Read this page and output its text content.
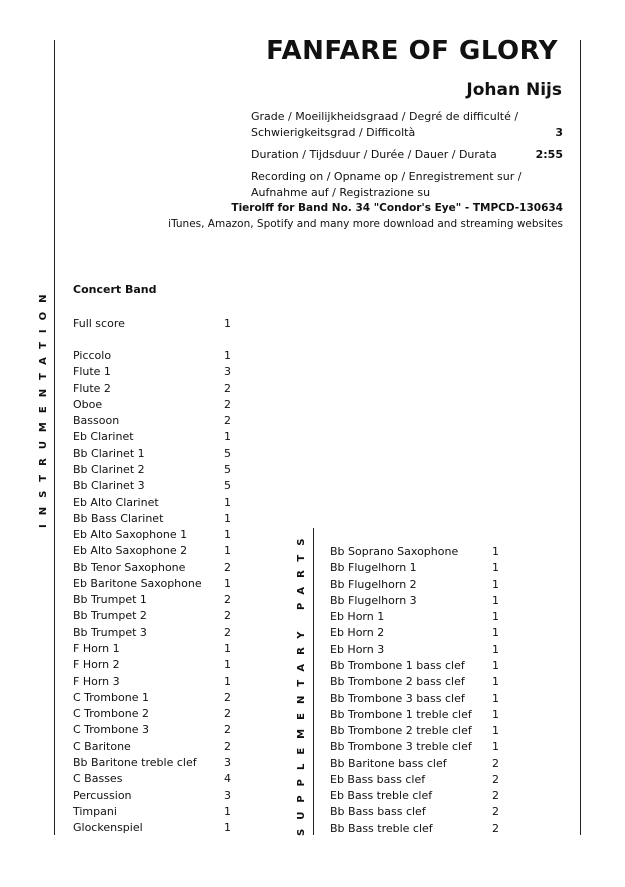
FANFARE OF GLORY
Johan Nijs
Grade / Moeilijkheidsgraad / Degré de difficulté /
Schwierigkeitsgrad / Difficoltà	3
Duration / Tijdsduur / Durée / Dauer / Durata	2:55
Recording on / Opname op / Enregistrement sur /
Aufnahme auf / Registrazione su
Tierolff for Band No. 34 "Condor's Eye" - TMPCD-130634
iTunes, Amazon, Spotify and many more download and streaming websites
INSTRUMENTATION
SUPPLEMENTARY PARTS
Concert Band
Full score	1
Piccolo	1
Flute 1	3
Flute 2	2
Oboe	2
Bassoon	2
Eb Clarinet	1
Bb Clarinet 1	5
Bb Clarinet 2	5
Bb Clarinet 3	5
Eb Alto Clarinet	1
Bb Bass Clarinet	1
Eb Alto Saxophone 1	1
Eb Alto Saxophone 2	1
Bb Tenor Saxophone	2
Eb Baritone Saxophone 1
Bb Trumpet 1	2
Bb Trumpet 2	2
Bb Trumpet 3	2
F Horn 1	1
F Horn 2	1
F Horn 3	1
C Trombone 1	2
C Trombone 2	2
C Trombone 3	2
C Baritone	2
Bb Baritone treble clef 3
C Basses	4
Percussion	3
Timpani	1
Glockenspiel	1
Bb Soprano Saxophone	1
Bb Flugelhorn 1	1
Bb Flugelhorn 2	1
Bb Flugelhorn 3	1
Eb Horn 1	1
Eb Horn 2	1
Eb Horn 3	1
Bb Trombone 1 bass clef 1
Bb Trombone 2 bass clef 1
Bb Trombone 3 bass clef 1
Bb Trombone 1 treble clef 1
Bb Trombone 2 treble clef 1
Bb Trombone 3 treble clef 1
Bb Baritone bass clef	2
Eb Bass bass clef	2
Eb Bass treble clef	2
Bb Bass bass clef	2
Bb Bass treble clef	2
